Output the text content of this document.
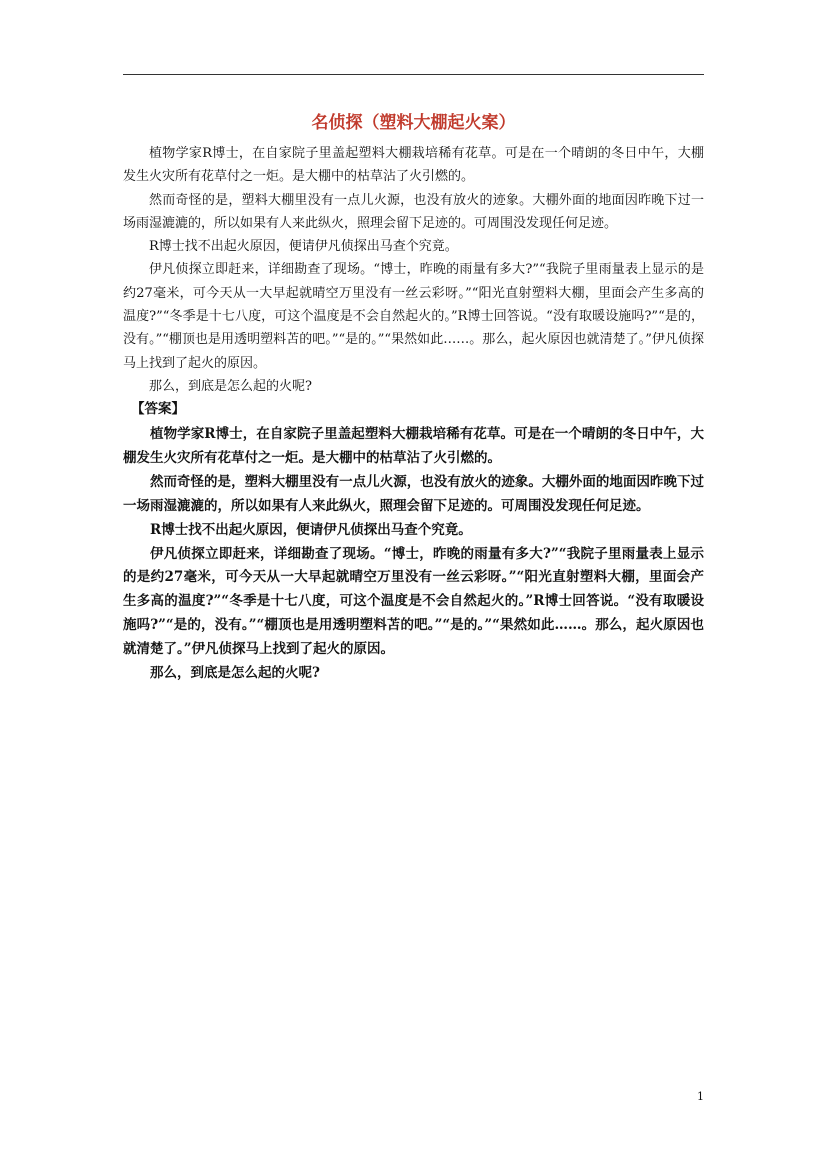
名侦探（塑料大棚起火案）

植物学家R博士，在自家院子里盖起塑料大棚栽培稀有花草。可是在一个晴朗的冬日中午，大棚发生火灾所有花草付之一炬。是大棚中的枯草沾了火引燃的。

然而奇怪的是，塑料大棚里没有一点儿火源，也没有放火的迹象。大棚外面的地面因昨晚下过一场雨湿漉漉的，所以如果有人来此纵火，照理会留下足迹的。可周围没发现任何足迹。

R博士找不出起火原因，便请伊凡侦探出马查个究竟。

伊凡侦探立即赶来，详细勘查了现场。“博士，昨晚的雨量有多大?”“我院子里雨量表上显示的是约27毫米，可今天从一大早起就晴空万里没有一丝云彩呀。”“阳光直射塑料大棚，里面会产生多高的温度?”“冬季是十七八度，可这个温度是不会自然起火的。”R博士回答说。“没有取暖设施吗?”“是的，没有。”“棚顶也是用透明塑料苫的吧。”“是的。”“果然如此……。那么，起火原因也就清楚了。”伊凡侦探马上找到了起火的原因。

那么，到底是怎么起的火呢?

【答案】

植物学家R博士，在自家院子里盖起塑料大棚栽培稀有花草。可是在一个晴朗的冬日中午，大棚发生火灾所有花草付之一炬。是大棚中的枯草沾了火引燃的。

然而奇怪的是，塑料大棚里没有一点儿火源，也没有放火的迹象。大棚外面的地面因昨晚下过一场雨湿漉漉的，所以如果有人来此纵火，照理会留下足迹的。可周围没发现任何足迹。

R博士找不出起火原因，便请伊凡侦探出马查个究竟。

伊凡侦探立即赶来，详细勘查了现场。“博士，昨晚的雨量有多大?”“我院子里雨量表上显示的是约27毫米，可今天从一大早起就晴空万里没有一丝云彩呀。”“阳光直射塑料大棚，里面会产生多高的温度?”“冬季是十七八度，可这个温度是不会自然起火的。”R博士回答说。“没有取暖设施吗?”“是的，没有。”“棚顶也是用透明塑料苫的吧。”“是的。”“果然如此……。那么，起火原因也就清楚了。”伊凡侦探马上找到了起火的原因。

那么，到底是怎么起的火呢?

1
